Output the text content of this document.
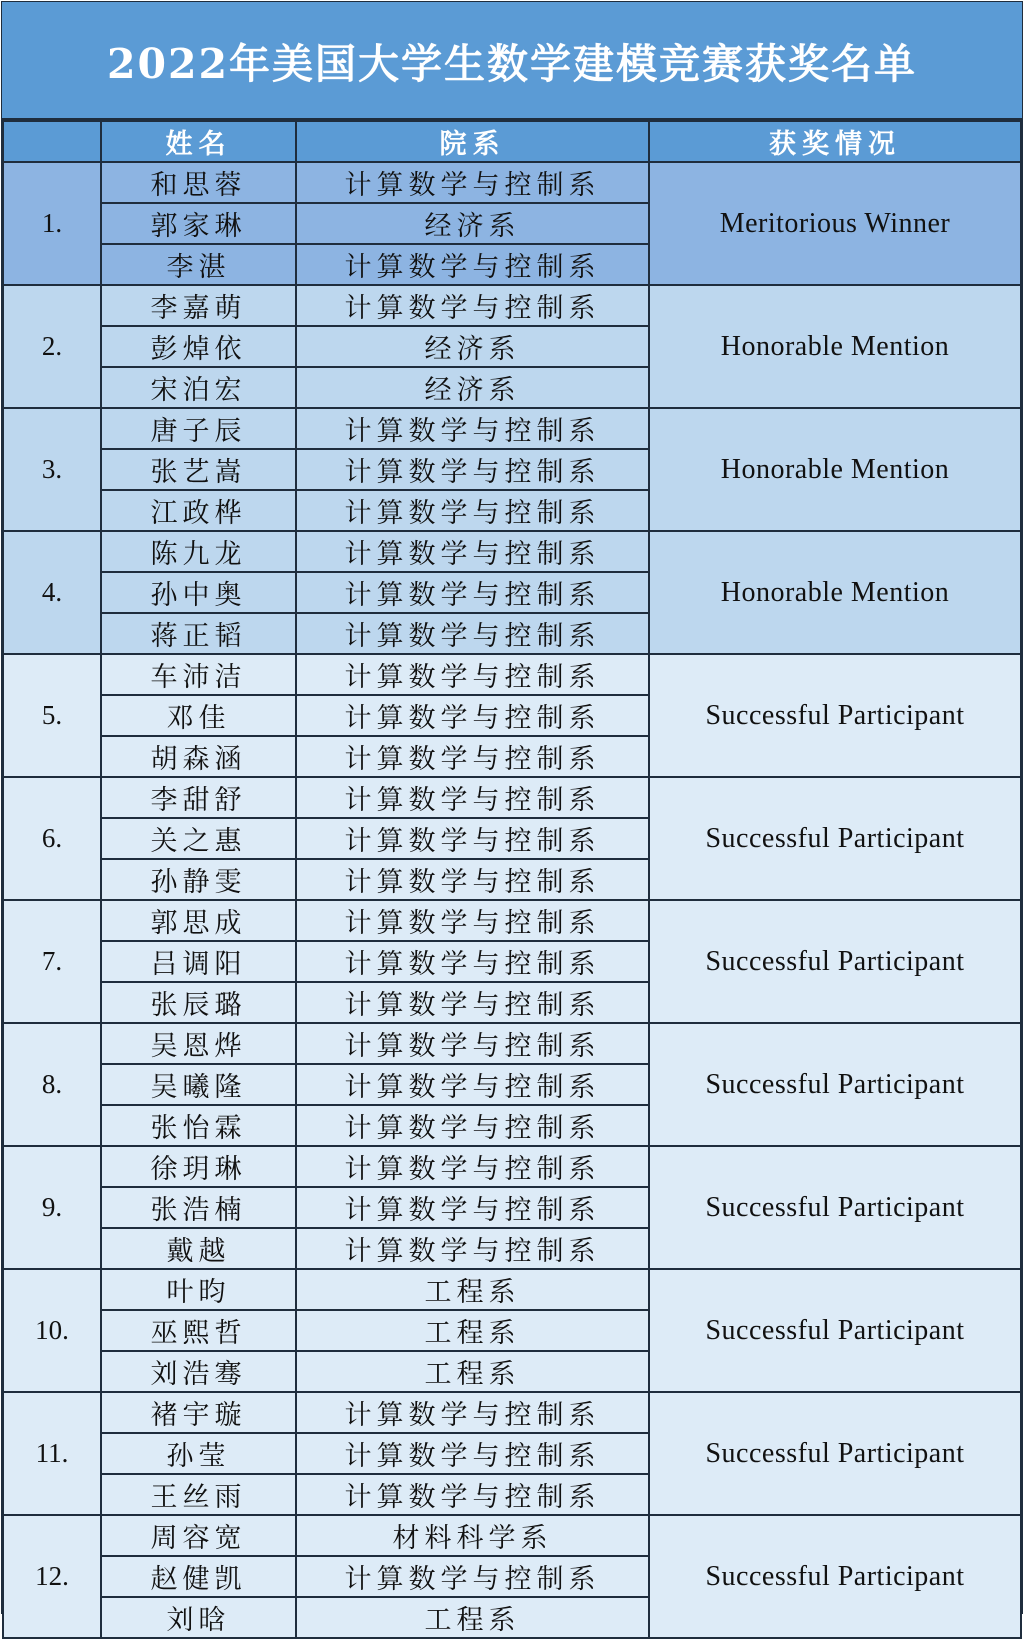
2022年美国大学生数学建模竞赛获奖名单
	姓名	院系	获奖情况
1.	和思蓉	计算数学与控制系	Meritorious Winner
	郭家琳	经济系	
	李湛	计算数学与控制系	
2.	李嘉萌	计算数学与控制系	Honorable Mention
	彭焯依	经济系	
	宋泊宏	经济系	
3.	唐子辰	计算数学与控制系	Honorable Mention
	张艺嵩	计算数学与控制系	
	江政桦	计算数学与控制系	
4.	陈九龙	计算数学与控制系	Honorable Mention
	孙中奥	计算数学与控制系	
	蒋正韬	计算数学与控制系	
5.	车沛洁	计算数学与控制系	Successful Participant
	邓佳	计算数学与控制系	
	胡森涵	计算数学与控制系	
6.	李甜舒	计算数学与控制系	Successful Participant
	关之惠	计算数学与控制系	
	孙静雯	计算数学与控制系	
7.	郭思成	计算数学与控制系	Successful Participant
	吕调阳	计算数学与控制系	
	张辰璐	计算数学与控制系	
8.	吴恩烨	计算数学与控制系	Successful Participant
	吴曦隆	计算数学与控制系	
	张怡霖	计算数学与控制系	
9.	徐玥琳	计算数学与控制系	Successful Participant
	张浩楠	计算数学与控制系	
	戴越	计算数学与控制系	
10.	叶昀	工程系	Successful Participant
	巫熙哲	工程系	
	刘浩骞	工程系	
11.	褚宇璇	计算数学与控制系	Successful Participant
	孙莹	计算数学与控制系	
	王丝雨	计算数学与控制系	
12.	周容宽	材料科学系	Successful Participant
	赵健凯	计算数学与控制系	
	刘晗	工程系	
